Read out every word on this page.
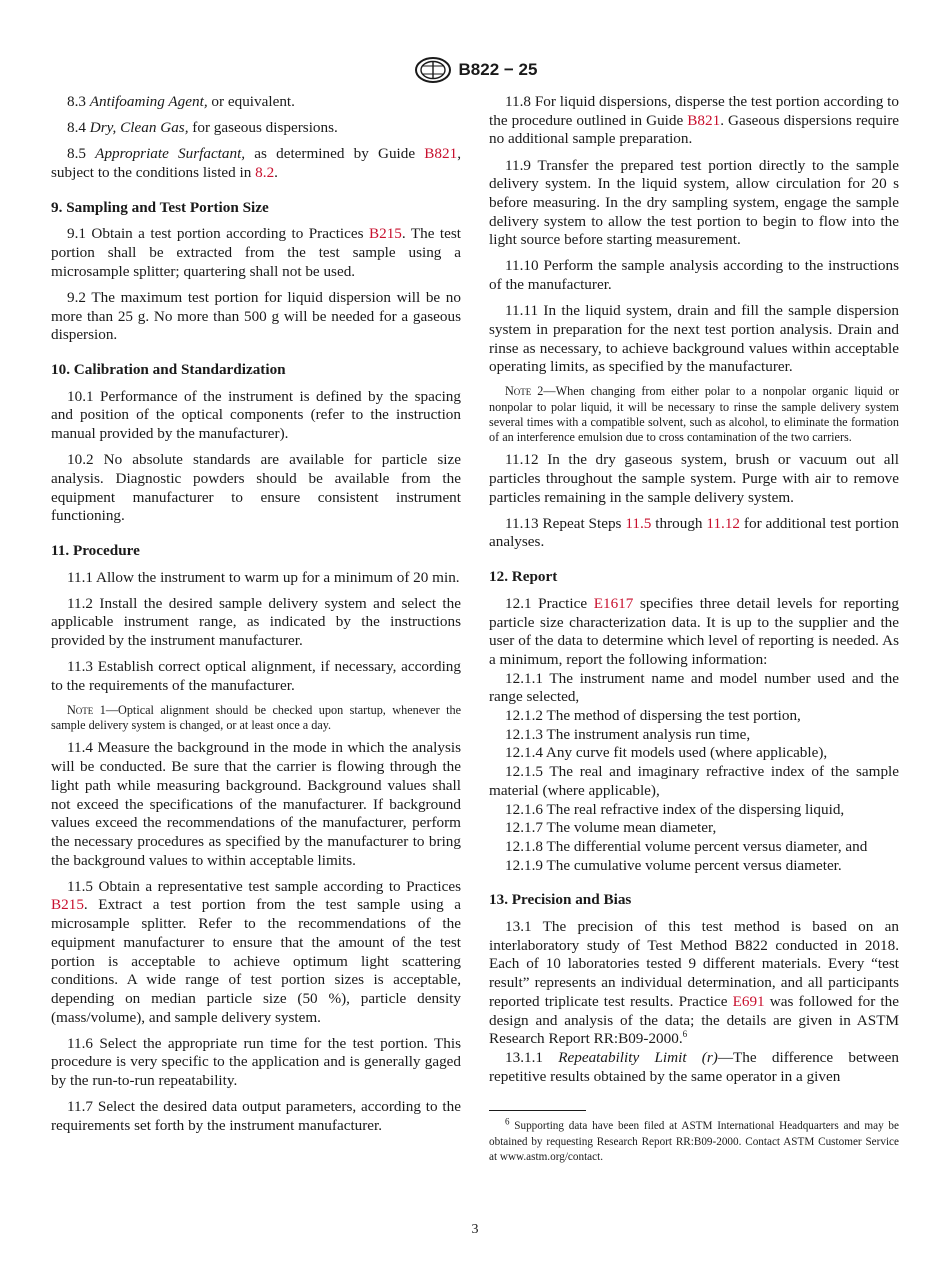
B822 − 25

8.3 Antifoaming Agent, or equivalent.

8.4 Dry, Clean Gas, for gaseous dispersions.

8.5 Appropriate Surfactant, as determined by Guide B821, subject to the conditions listed in 8.2.

9. Sampling and Test Portion Size

9.1 Obtain a test portion according to Practices B215. The test portion shall be extracted from the test sample using a microsample splitter; quartering shall not be used.

9.2 The maximum test portion for liquid dispersion will be no more than 25 g. No more than 500 g will be needed for a gaseous dispersion.

10. Calibration and Standardization

10.1 Performance of the instrument is defined by the spacing and position of the optical components (refer to the instruction manual provided by the manufacturer).

10.2 No absolute standards are available for particle size analysis. Diagnostic powders should be available from the equipment manufacturer to ensure consistent instrument functioning.

11. Procedure

11.1 Allow the instrument to warm up for a minimum of 20 min.

11.2 Install the desired sample delivery system and select the applicable instrument range, as indicated by the instructions provided by the instrument manufacturer.

11.3 Establish correct optical alignment, if necessary, according to the requirements of the manufacturer.

Note 1—Optical alignment should be checked upon startup, whenever the sample delivery system is changed, or at least once a day.

11.4 Measure the background in the mode in which the analysis will be conducted. Be sure that the carrier is flowing through the light path while measuring background. Background values shall not exceed the specifications of the manufacturer. If background values exceed the recommendations of the manufacturer, perform the necessary procedures as specified by the manufacturer to bring the background values to within acceptable limits.

11.5 Obtain a representative test sample according to Practices B215. Extract a test portion from the test sample using a microsample splitter. Refer to the recommendations of the equipment manufacturer to ensure that the amount of the test portion is acceptable to achieve optimum light scattering conditions. A wide range of test portion sizes is acceptable, depending on median particle size (50 %), particle density (mass/volume), and sample delivery system.

11.6 Select the appropriate run time for the test portion. This procedure is very specific to the application and is generally gaged by the run-to-run repeatability.

11.7 Select the desired data output parameters, according to the requirements set forth by the instrument manufacturer.

11.8 For liquid dispersions, disperse the test portion according to the procedure outlined in Guide B821. Gaseous dispersions require no additional sample preparation.

11.9 Transfer the prepared test portion directly to the sample delivery system. In the liquid system, allow circulation for 20 s before measuring. In the dry sampling system, engage the sample delivery system to allow the test portion to begin to flow into the light source before starting measurement.

11.10 Perform the sample analysis according to the instructions of the manufacturer.

11.11 In the liquid system, drain and fill the sample dispersion system in preparation for the next test portion analysis. Drain and rinse as necessary, to achieve background values within acceptable operating limits, as specified by the manufacturer.

Note 2—When changing from either polar to a nonpolar organic liquid or nonpolar to polar liquid, it will be necessary to rinse the sample delivery system several times with a compatible solvent, such as alcohol, to eliminate the formation of an interference emulsion due to cross contamination of the two carriers.

11.12 In the dry gaseous system, brush or vacuum out all particles throughout the sample system. Purge with air to remove particles remaining in the sample delivery system.

11.13 Repeat Steps 11.5 through 11.12 for additional test portion analyses.

12. Report

12.1 Practice E1617 specifies three detail levels for reporting particle size characterization data. It is up to the supplier and the user of the data to determine which level of reporting is needed. As a minimum, report the following information:

12.1.1 The instrument name and model number used and the range selected,

12.1.2 The method of dispersing the test portion,

12.1.3 The instrument analysis run time,

12.1.4 Any curve fit models used (where applicable),

12.1.5 The real and imaginary refractive index of the sample material (where applicable),

12.1.6 The real refractive index of the dispersing liquid,

12.1.7 The volume mean diameter,

12.1.8 The differential volume percent versus diameter, and

12.1.9 The cumulative volume percent versus diameter.

13. Precision and Bias

13.1 The precision of this test method is based on an interlaboratory study of Test Method B822 conducted in 2018. Each of 10 laboratories tested 9 different materials. Every “test result” represents an individual determination, and all participants reported triplicate test results. Practice E691 was followed for the design and analysis of the data; the details are given in ASTM Research Report RR:B09-2000.$^6$

13.1.1 Repeatability Limit (r)—The difference between repetitive results obtained by the same operator in a given

$^6$ Supporting data have been filed at ASTM International Headquarters and may be obtained by requesting Research Report RR:B09-2000. Contact ASTM Customer Service at www.astm.org/contact.

3
